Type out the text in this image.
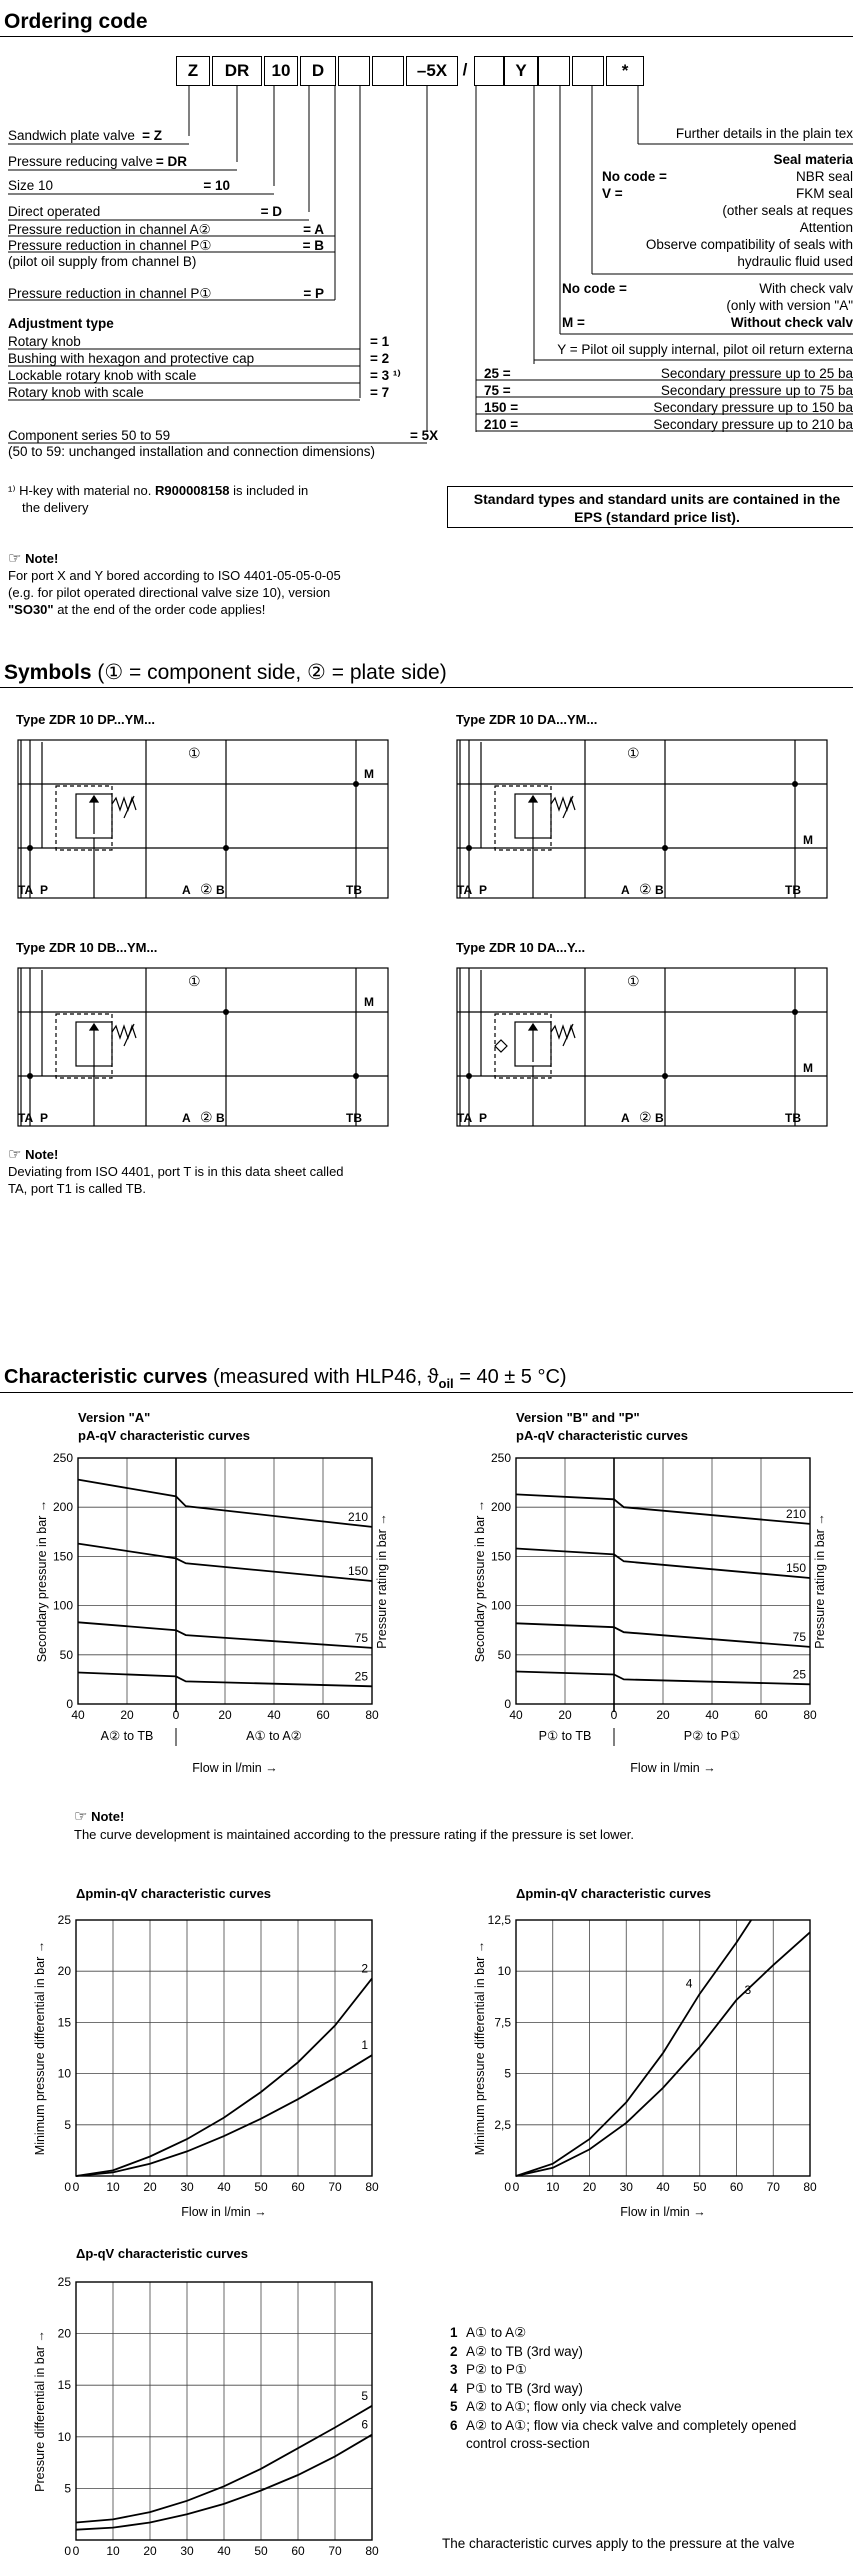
Ordering code
Z	DR	10	D	–5X /	Y	*
Sandwich plate valve = Z
Pressure reducing valve = DR
Size 10	= 10
Direct operated	= D
Pressure reduction in channel A②	= A
Pressure reduction in channel P①	= B
(pilot oil supply from channel B)
Pressure reduction in channel P①	= P
Adjustment type
Rotary knob	= 1
Bushing with hexagon and protective cap	= 2
Lockable rotary knob with scale	= 3 ¹⁾
Rotary knob with scale	= 7
Component series 50 to 59	= 5X
(50 to 59: unchanged installation and connection dimensions)
Further details in the plain tex
Seal materia
No code =	NBR seal
V =	FKM seal
(other seals at reques
Attention
Observe compatibility of seals with
hydraulic fluid used
No code =	With check valv
(only with version "A"
M =	Without check valv
Y = Pilot oil supply internal, pilot oil return externa
25 =	Secondary pressure up to 25 ba
75 =	Secondary pressure up to 75 ba
150 =	Secondary pressure up to 150 ba
210 =	Secondary pressure up to 210 ba
¹⁾ H-key with material no. R900008158 is included in
the delivery
Standard types and standard units are contained in the
EPS (standard price list).
☞ Note!
For port X and Y bored according to ISO 4401-05-05-0-05
(e.g. for pilot operated directional valve size 10), version
"SO30" at the end of the order code applies!
Symbols (① = component side, ② = plate side)
Type ZDR 10 DP...YM...	Type ZDR 10 DA...YM...
Type ZDR 10 DB...YM...	Type ZDR 10 DA...Y...
TA P	A ② B	TB
M
①
TA P	A ② B	TB
M
①
TA P	A ② B	TB
M
①
TA P	A ② B	TB
M
①
☞ Note!
Deviating from ISO 4401, port T is in this data sheet called
TA, port T1 is called TB.
Characteristic curves (measured with HLP46, $ϑ_{oil} = 40 \pm 5$ °C)
40	20	0	20	40	60	80
0
50
100
150
200
250
210
150
75
25
Secondary pressure in bar →	Pressure rating in bar →
Flow in l/min →
A② to TB	A① to A②
Version "A"
pA-qV characteristic curves
40	20	0	20	40	60	80
0
50
100
150
200
250
210
150
75
25
Secondary pressure in bar →	Pressure rating in bar →
Flow in l/min →
P① to TB	P② to P①
Version "B" and "P"
pA-qV characteristic curves
☞ Note!
The curve development is maintained according to the pressure rating if the pressure is set lower.
0 10 20 30 40 50 60 70 80
5
10
15
20
25
0
1
2
Minimum pressure differential in bar →
Flow in l/min →
Δpmin-qV characteristic curves
0 10 20 30 40 50 60 70 80
2,5
5
7,5
10
12,5
0
4	3
Minimum pressure differential in bar →
Flow in l/min →
Δpmin-qV characteristic curves
0 10 20 30 40 50 60 70 80
5
10
15
20
25
0
5
6
Pressure differential in bar →
Δp-qV characteristic curves
1 A① to A②
2 A② to TB (3rd way)
3 P② to P①
4 P① to TB (3rd way)
5 A② to A①; flow only via check valve
6 A② to A①; flow via check valve and completely opened
control cross-section
The characteristic curves apply to the pressure at the valve
